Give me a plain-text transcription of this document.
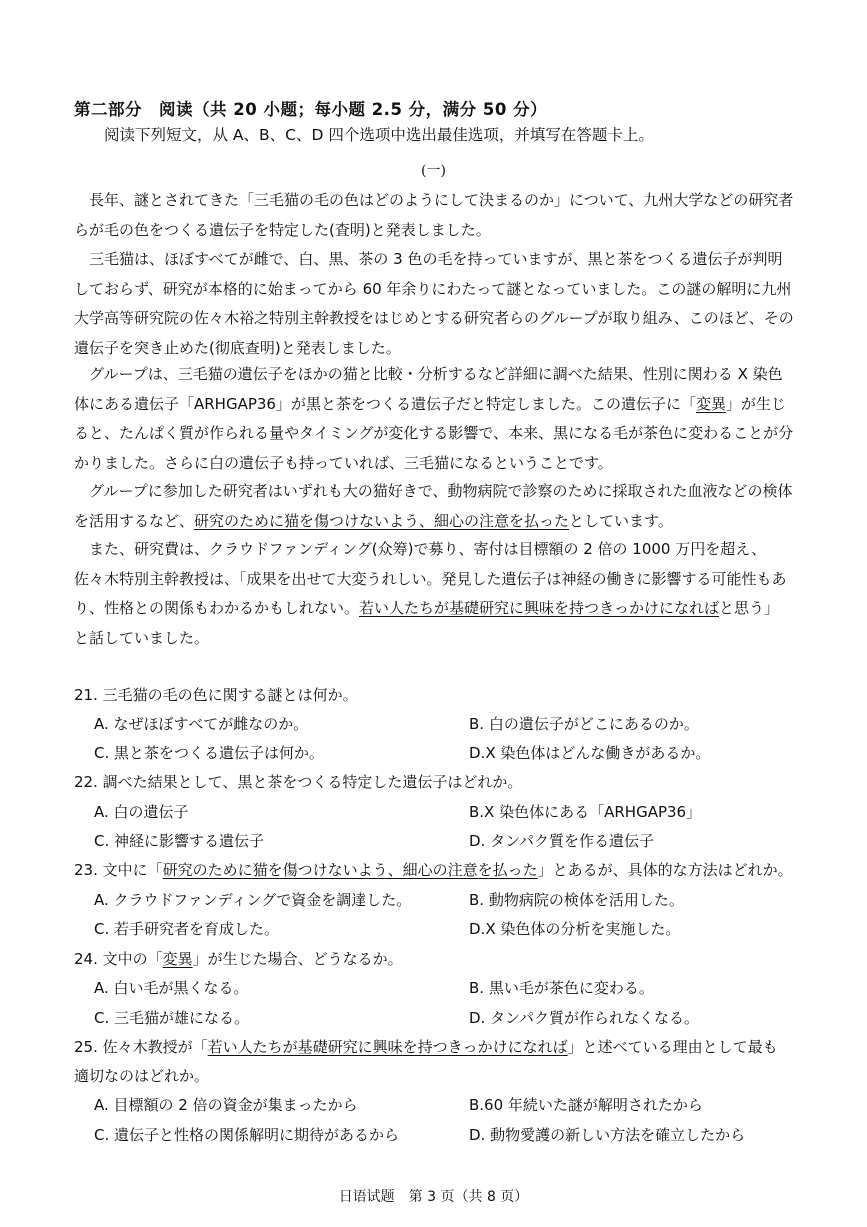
第二部分　阅读（共 20 小题；每小题 2.5 分，满分 50 分）
阅读下列短文，从 A、B、C、D 四个选项中选出最佳选项，并填写在答题卡上。
(一)

長年、謎とされてきた「三毛猫の毛の色はどのようにして決まるのか」について、九州大学などの研究者らが毛の色をつくる遺伝子を特定した(査明)と発表しました。

三毛猫は、ほぼすべてが雌で、白、黒、茶の 3 色の毛を持っていますが、黒と茶をつくる遺伝子が判明しておらず、研究が本格的に始まってから 60 年余りにわたって謎となっていました。この謎の解明に九州大学高等研究院の佐々木裕之特別主幹教授をはじめとする研究者らのグループが取り組み、このほど、その遺伝子を突き止めた(彻底查明)と発表しました。

グループは、三毛猫の遺伝子をほかの猫と比較・分析するなど詳細に調べた結果、性別に関わる X 染色体にある遺伝子「ARHGAP36」が黒と茶をつくる遺伝子だと特定しました。この遺伝子に「変異」が生じると、たんぱく質が作られる量やタイミングが変化する影響で、本来、黒になる毛が茶色に変わることが分かりました。さらに白の遺伝子も持っていれば、三毛猫になるということです。

グループに参加した研究者はいずれも大の猫好きで、動物病院で診察のために採取された血液などの検体を活用するなど、研究のために猫を傷つけないよう、細心の注意を払ったとしています。

また、研究費は、クラウドファンディング(众筹)で募り、寄付は目標額の 2 倍の 1000 万円を超え、佐々木特別主幹教授は、「成果を出せて大変うれしい。発見した遺伝子は神経の働きに影響する可能性もあり、性格との関係もわかるかもしれない。若い人たちが基礎研究に興味を持つきっかけになればと思う」と話していました。

21. 三毛猫の毛の色に関する謎とは何か。
A. なぜほぼすべてが雌なのか。	B. 白の遺伝子がどこにあるのか。
C. 黒と茶をつくる遺伝子は何か。	D.X 染色体はどんな働きがあるか。
22. 調べた結果として、黒と茶をつくる特定した遺伝子はどれか。
A. 白の遺伝子	B.X 染色体にある「ARHGAP36」
C. 神経に影響する遺伝子	D. タンパク質を作る遺伝子
23. 文中に「研究のために猫を傷つけないよう、細心の注意を払った」とあるが、具体的な方法はどれか。
A. クラウドファンディングで資金を調達した。	B. 動物病院の検体を活用した。
C. 若手研究者を育成した。	D.X 染色体の分析を実施した。
24. 文中の「変異」が生じた場合、どうなるか。
A. 白い毛が黒くなる。	B. 黒い毛が茶色に変わる。
C. 三毛猫が雄になる。	D. タンパク質が作られなくなる。
25. 佐々木教授が「若い人たちが基礎研究に興味を持つきっかけになれば」と述べている理由として最も
適切なのはどれか。
A. 目標額の 2 倍の資金が集まったから	B.60 年続いた謎が解明されたから
C. 遺伝子と性格の関係解明に期待があるから	D. 動物愛護の新しい方法を確立したから
日语试题　第 3 页（共 8 页）
